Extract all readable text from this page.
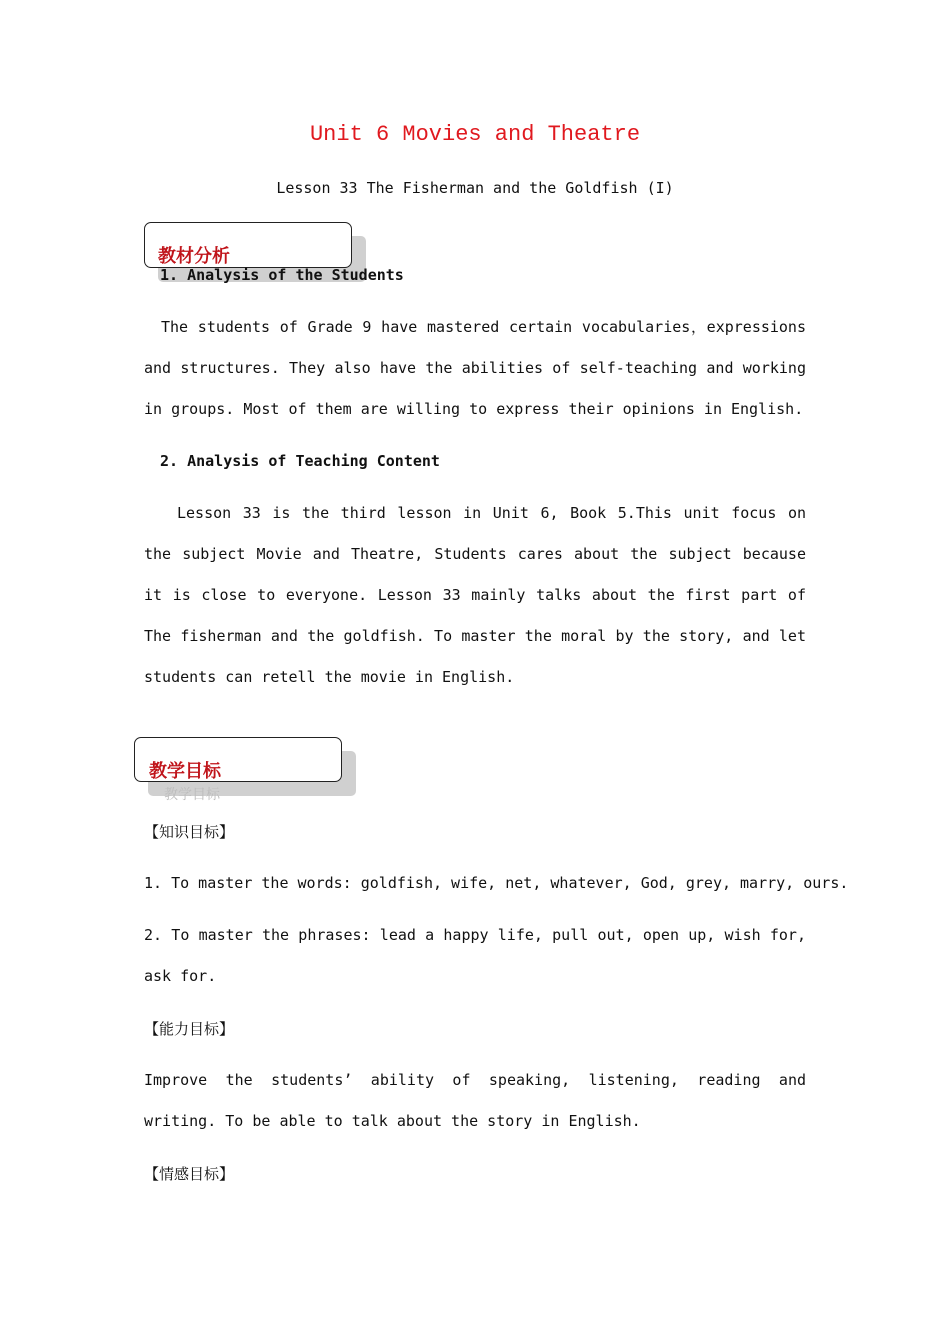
Unit 6 Movies and Theatre
Lesson 33 The Fisherman and the Goldfish (I)
教材分析
1. Analysis of the Students
The students of Grade 9 have mastered certain vocabularies，expressions and structures. They also have the abilities of self-teaching and working in groups. Most of them are willing to express their opinions in English.
2. Analysis of Teaching Content
Lesson 33 is the third lesson in Unit 6, Book 5.This unit focus on the subject Movie and Theatre, Students cares about the subject because it is close to everyone. Lesson 33 mainly talks about the first part of The fisherman and the goldfish. To master the moral by the story, and let students can retell the movie in English.
教学目标
教学目标
【知识目标】
1. To master the words: goldfish, wife, net, whatever, God, grey, marry, ours.
2. To master the phrases: lead a happy life, pull out, open up, wish for, ask for.
【能力目标】
Improve the students’ ability of speaking, listening, reading and writing. To be able to talk about the story in English.
【情感目标】
